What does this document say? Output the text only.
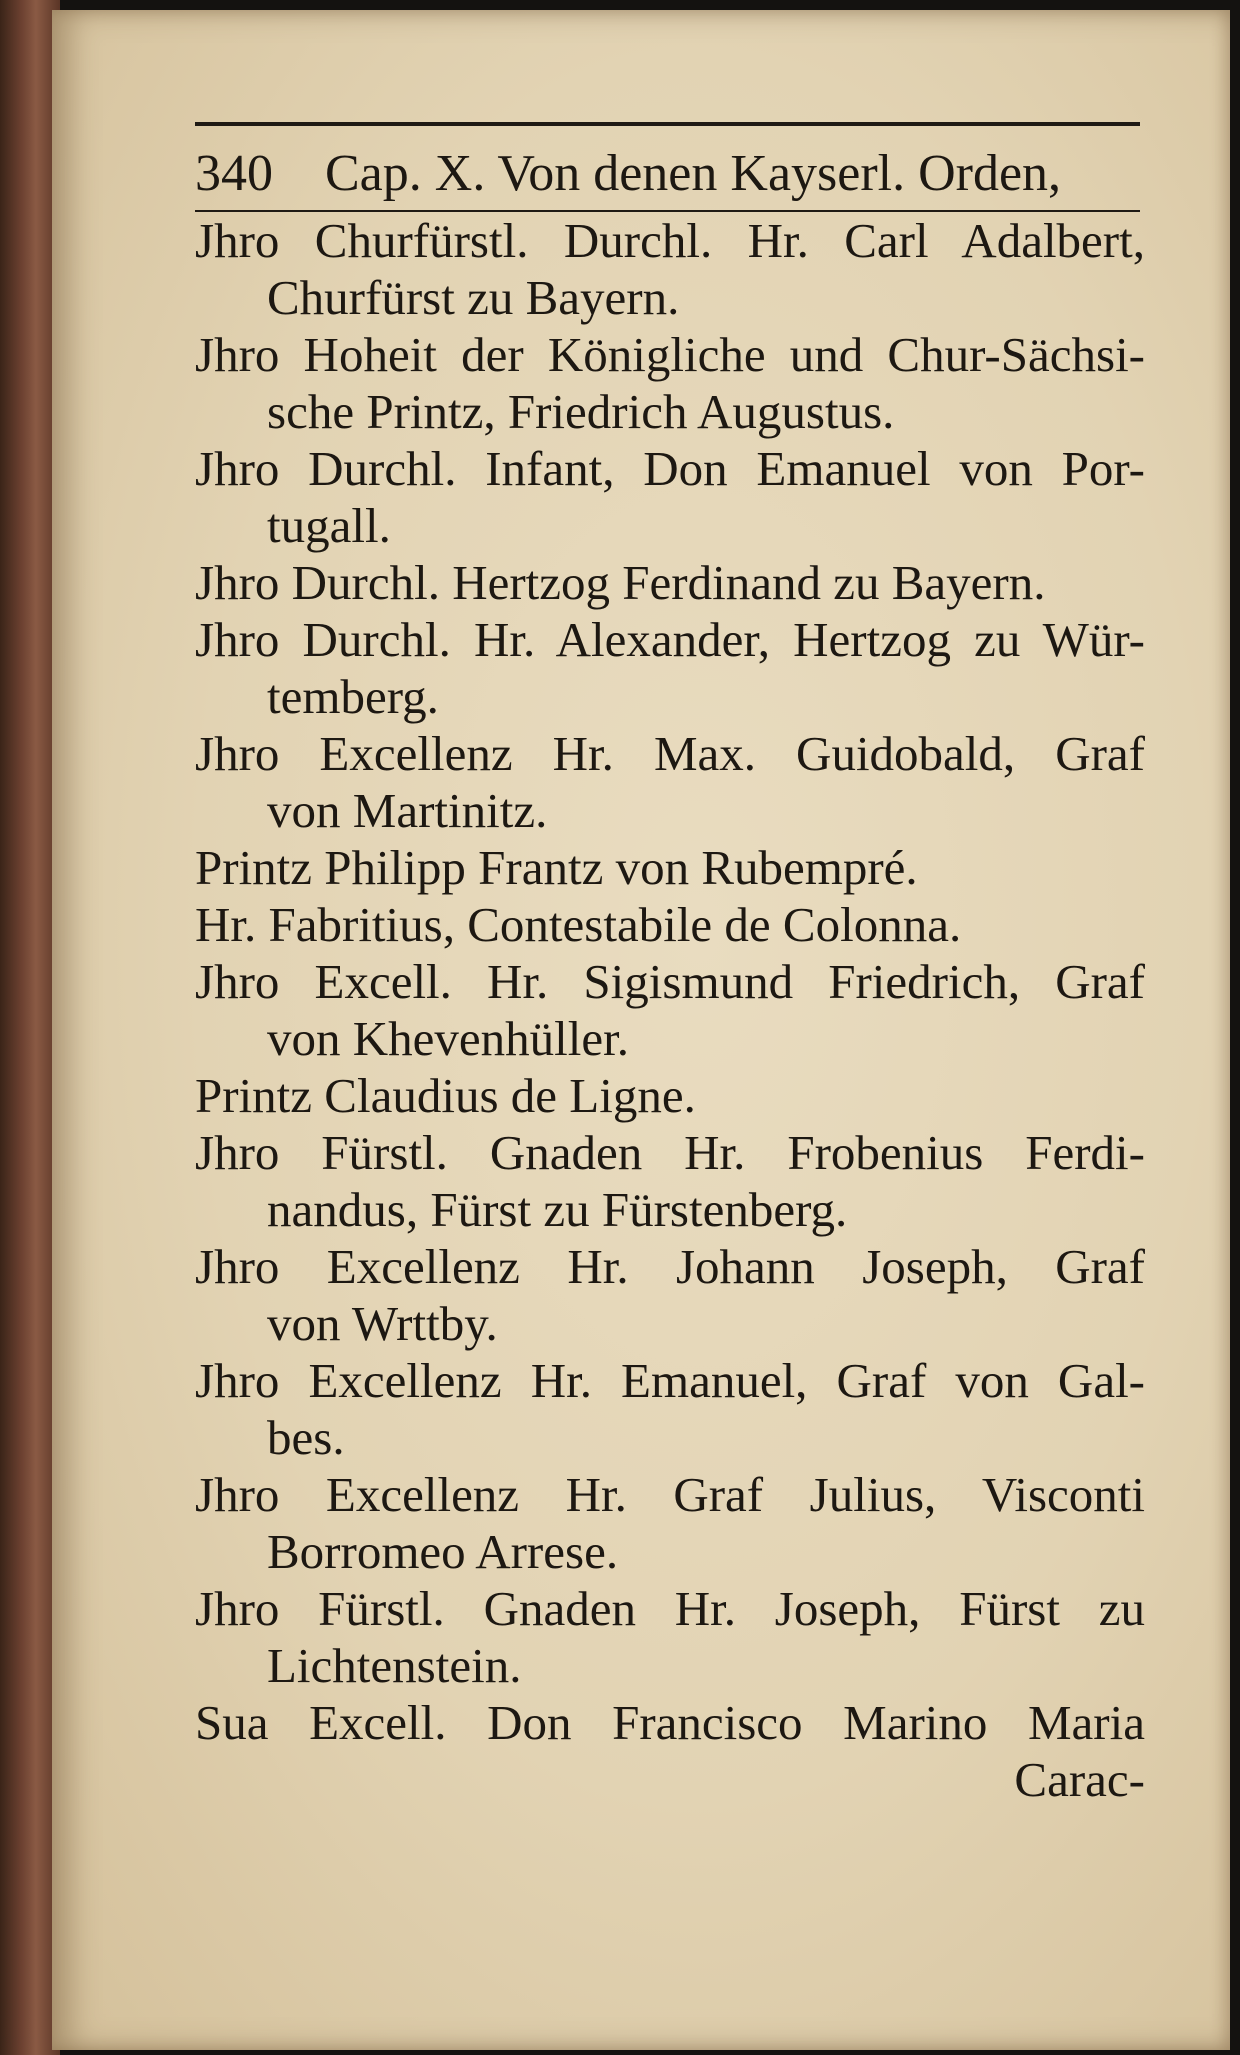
340 Cap. X. Von denen Kayserl. Orden,

Jhro Churfürstl. Durchl. Hr. Carl Adalbert,
Churfürst zu Bayern.

Jhro Hoheit der Königliche und Chur-Sächsi-
sche Printz, Friedrich Augustus.

Jhro Durchl. Infant, Don Emanuel von Por-
tugall.

Jhro Durchl. Hertzog Ferdinand zu Bayern.

Jhro Durchl. Hr. Alexander, Hertzog zu Wür-
temberg.

Jhro Excellenz Hr. Max. Guidobald, Graf
von Martinitz.

Printz Philipp Frantz von Rubempré.

Hr. Fabritius, Contestabile de Colonna.

Jhro Excell. Hr. Sigismund Friedrich, Graf
von Khevenhüller.

Printz Claudius de Ligne.

Jhro Fürstl. Gnaden Hr. Frobenius Ferdi-
nandus, Fürst zu Fürstenberg.

Jhro Excellenz Hr. Johann Joseph, Graf
von Wrttby.

Jhro Excellenz Hr. Emanuel, Graf von Gal-
bes.

Jhro Excellenz Hr. Graf Julius, Visconti
Borromeo Arrese.

Jhro Fürstl. Gnaden Hr. Joseph, Fürst zu
Lichtenstein.

Sua Excell. Don Francisco Marino Maria

Carac-
